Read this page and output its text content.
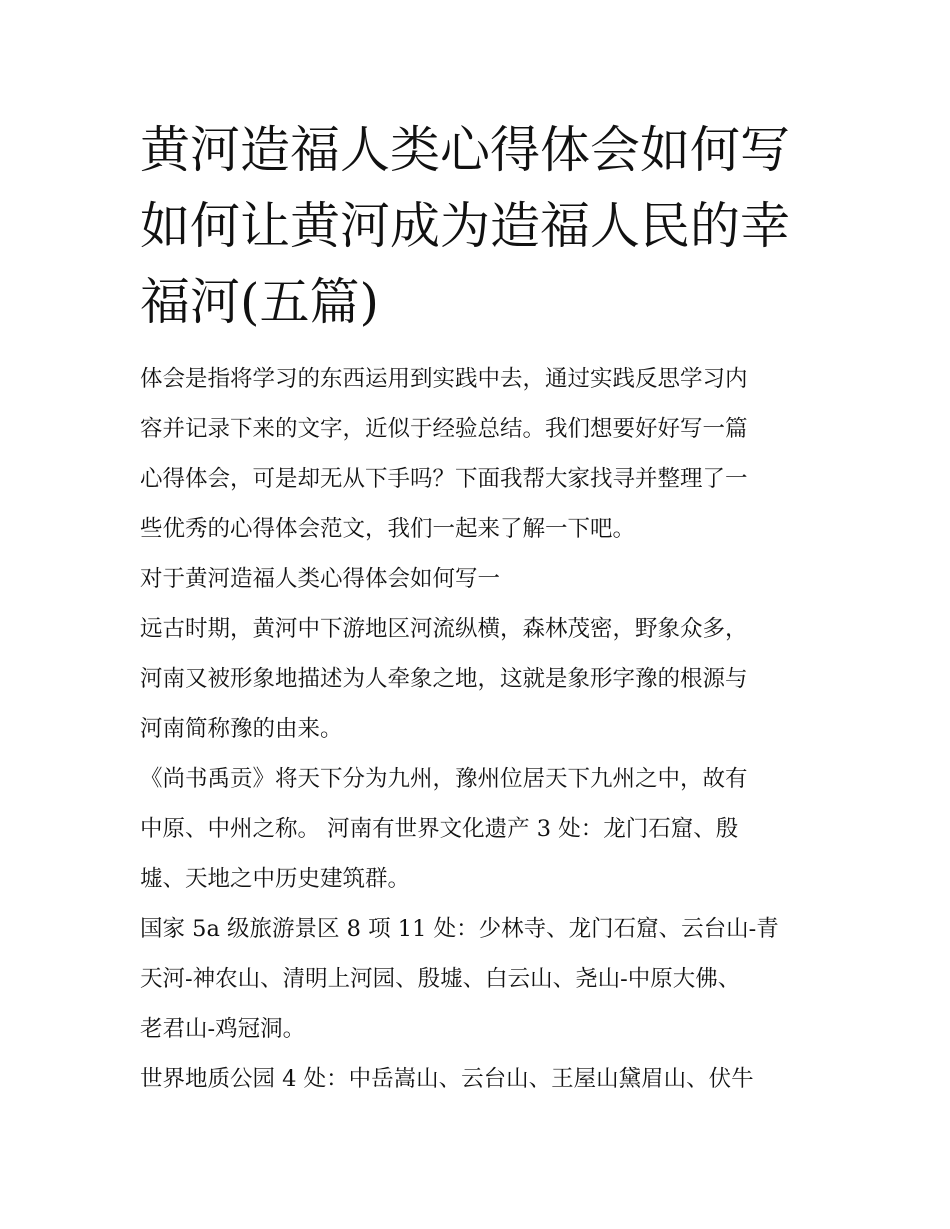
黄河造福人类心得体会如何写
如何让黄河成为造福人民的幸
福河(五篇)

体会是指将学习的东西运用到实践中去，通过实践反思学习内
容并记录下来的文字，近似于经验总结。我们想要好好写一篇
心得体会，可是却无从下手吗？下面我帮大家找寻并整理了一
些优秀的心得体会范文，我们一起来了解一下吧。

对于黄河造福人类心得体会如何写一

远古时期，黄河中下游地区河流纵横，森林茂密，野象众多，
河南又被形象地描述为人牵象之地，这就是象形字豫的根源与
河南简称豫的由来。

《尚书禹贡》将天下分为九州，豫州位居天下九州之中，故有
中原、中州之称。 河南有世界文化遗产 3 处：龙门石窟、殷
墟、天地之中历史建筑群。

国家 5a 级旅游景区 8 项 11 处：少林寺、龙门石窟、云台山-青
天河-神农山、清明上河园、殷墟、白云山、尧山-中原大佛、
老君山-鸡冠洞。

世界地质公园 4 处：中岳嵩山、云台山、王屋山黛眉山、伏牛
